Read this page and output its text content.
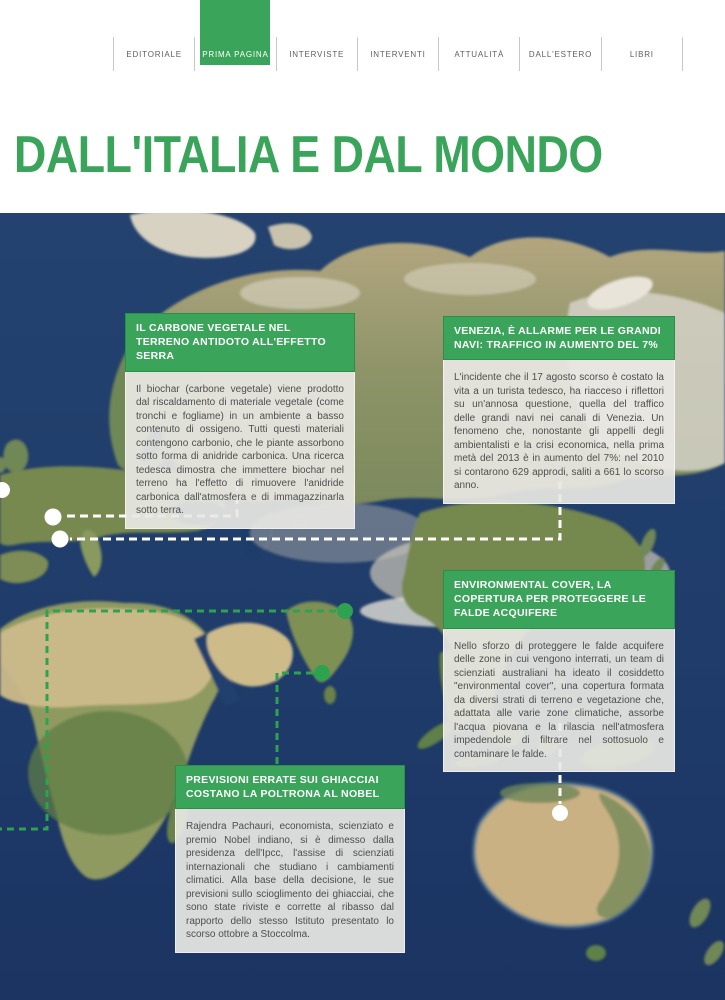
EDITORIALE	PRIMA PAGINA	INTERVISTE	INTERVENTI	ATTUALITÀ	DALL'ESTERO	LIBRI
DALL'ITALIA E DAL MONDO
IL CARBONE VEGETALE NEL TERRENO ANTIDOTO ALL'EFFETTO SERRA

Il biochar (carbone vegetale) viene prodotto dal riscaldamento di materiale vegetale (come tronchi e fogliame) in un ambiente a basso contenuto di ossigeno. Tutti questi materiali contengono carbonio, che le piante assorbono sotto forma di anidride carbonica. Una ricerca tedesca dimostra che immettere biochar nel terreno ha l'effetto di rimuovere l'anidride carbonica dall'atmosfera e di immagazzinarla sotto terra.

VENEZIA, È ALLARME PER LE GRANDI NAVI: TRAFFICO IN AUMENTO DEL 7%

L'incidente che il 17 agosto scorso è costato la vita a un turista tedesco, ha riacceso i riflettori su un'annosa questione, quella del traffico delle grandi navi nei canali di Venezia. Un fenomeno che, nonostante gli appelli degli ambientalisti e la crisi economica, nella prima metà del 2013 è in aumento del 7%: nel 2010 si contarono 629 approdi, saliti a 661 lo scorso anno.

ENVIRONMENTAL COVER, LA COPERTURA PER PROTEGGERE LE FALDE ACQUIFERE

Nello sforzo di proteggere le falde acquifere delle zone in cui vengono interrati, un team di scienziati australiani ha ideato il cosiddetto "environmental cover", una copertura formata da diversi strati di terreno e vegetazione che, adattata alle varie zone climatiche, assorbe l'acqua piovana e la rilascia nell'atmosfera impedendole di filtrare nel sottosuolo e contaminare le falde.

PREVISIONI ERRATE SUI GHIACCIAI COSTANO LA POLTRONA AL NOBEL

Rajendra Pachauri, economista, scienziato e premio Nobel indiano, si è dimesso dalla presidenza dell'Ipcc, l'assise di scienziati internazionali che studiano i cambiamenti climatici. Alla base della decisione, le sue previsioni sullo scioglimento dei ghiacciai, che sono state riviste e corrette al ribasso dal rapporto dello stesso Istituto presentato lo scorso ottobre a Stoccolma.
